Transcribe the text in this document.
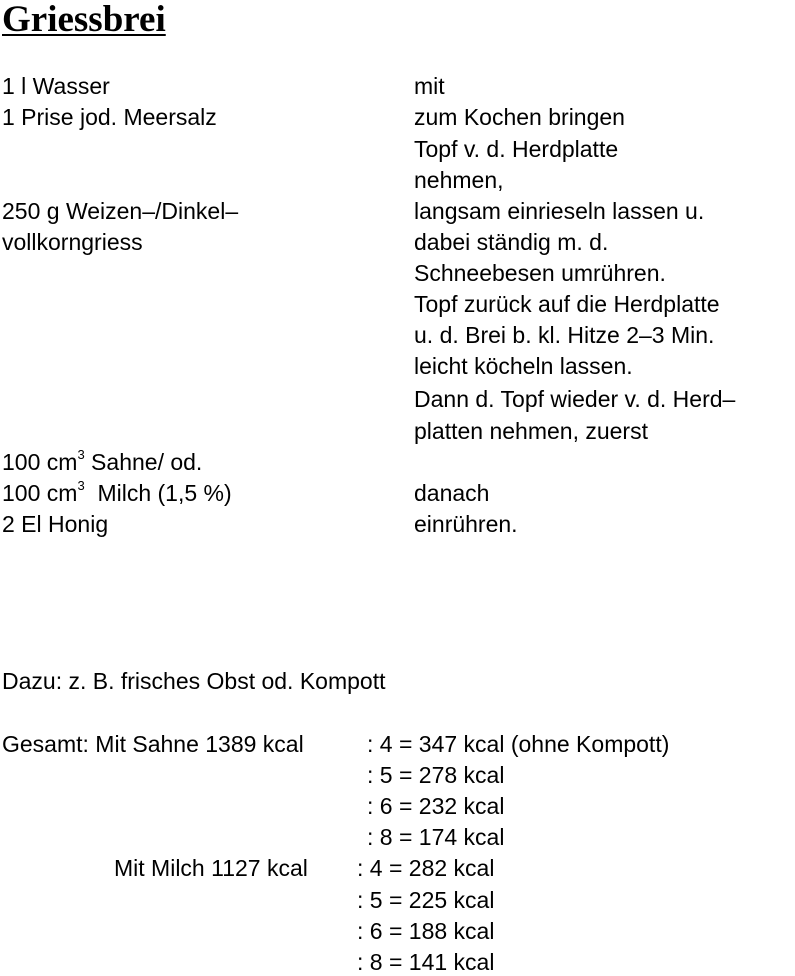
Griessbrei
1 l Wasser
1 Prise jod. Meersalz
250 g Weizen–/Dinkel–
vollkorngriess
100 $cm^3$ Sahne/ od.
100 $cm^3$  Milch (1,5 %)
2 El Honig
mit
zum Kochen bringen
Topf v. d. Herdplatte
nehmen,
langsam einrieseln lassen u.
dabei ständig m. d.
Schneebesen umrühren.
Topf zurück auf die Herdplatte
u. d. Brei b. kl. Hitze 2–3 Min.
leicht köcheln lassen.
Dann d. Topf wieder v. d. Herd–
platten nehmen, zuerst
danach
einrühren.
Dazu: z. B. frisches Obst od. Kompott
Gesamt: Mit Sahne 1389 kcal	: 4 = 347 kcal (ohne Kompott)
: 5 = 278 kcal
: 6 = 232 kcal
: 8 = 174 kcal
Mit Milch 1127 kcal : 4 = 282 kcal
: 5 = 225 kcal
: 6 = 188 kcal
: 8 = 141 kcal
